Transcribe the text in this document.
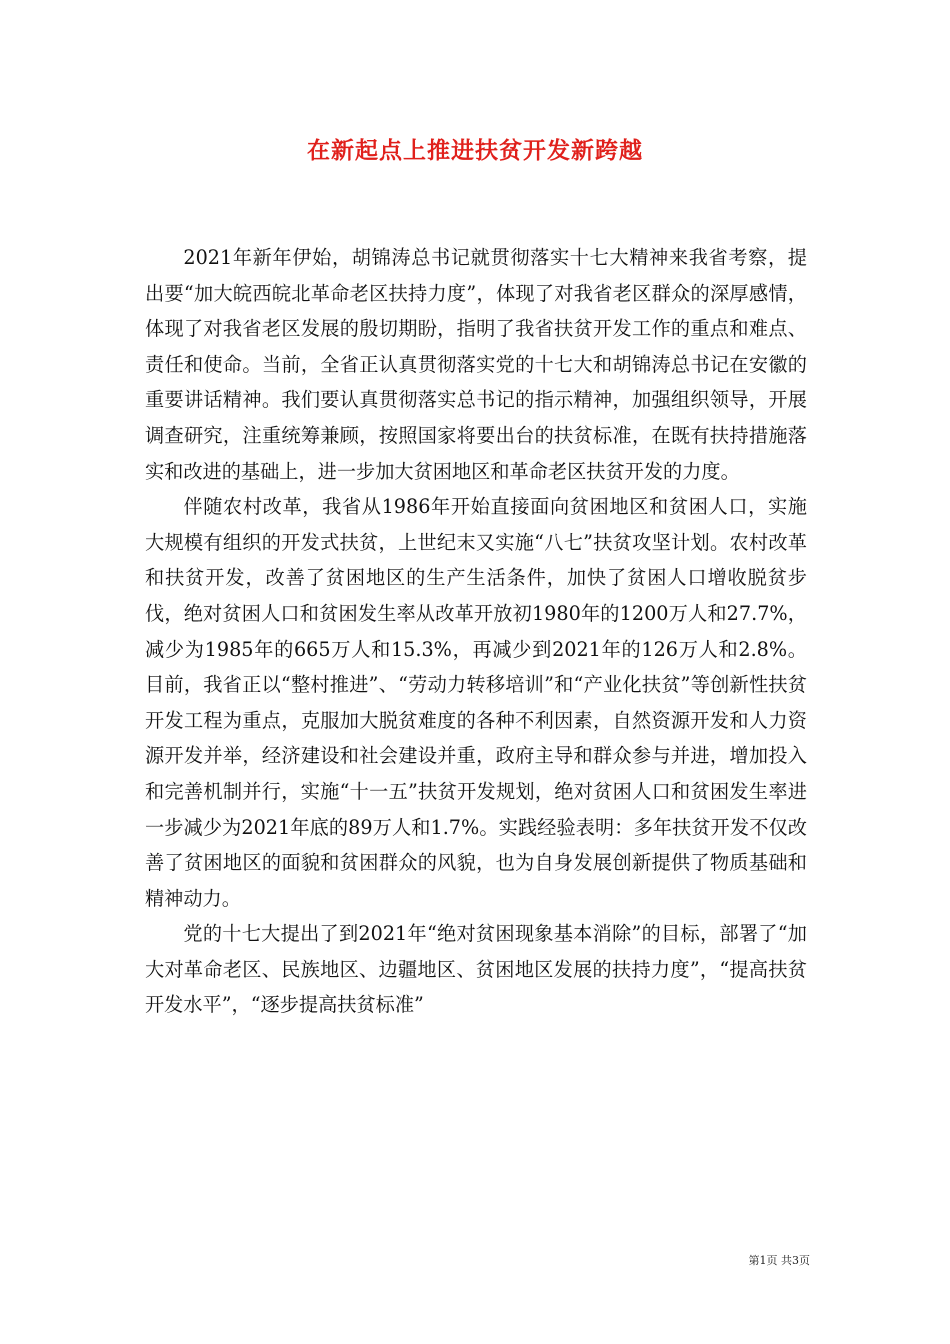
在新起点上推进扶贫开发新跨越

2021年新年伊始，胡锦涛总书记就贯彻落实十七大精神来我省考察，提出要“加大皖西皖北革命老区扶持力度”，体现了对我省老区群众的深厚感情，体现了对我省老区发展的殷切期盼，指明了我省扶贫开发工作的重点和难点、责任和使命。当前，全省正认真贯彻落实党的十七大和胡锦涛总书记在安徽的重要讲话精神。我们要认真贯彻落实总书记的指示精神，加强组织领导，开展调查研究，注重统筹兼顾，按照国家将要出台的扶贫标准，在既有扶持措施落实和改进的基础上，进一步加大贫困地区和革命老区扶贫开发的力度。

伴随农村改革，我省从1986年开始直接面向贫困地区和贫困人口，实施大规模有组织的开发式扶贫，上世纪末又实施“八七”扶贫攻坚计划。农村改革和扶贫开发，改善了贫困地区的生产生活条件，加快了贫困人口增收脱贫步伐，绝对贫困人口和贫困发生率从改革开放初1980年的1200万人和27.7%，减少为1985年的665万人和15.3%，再减少到2021年的126万人和2.8%。目前，我省正以“整村推进”、“劳动力转移培训”和“产业化扶贫”等创新性扶贫开发工程为重点，克服加大脱贫难度的各种不利因素，自然资源开发和人力资源开发并举，经济建设和社会建设并重，政府主导和群众参与并进，增加投入和完善机制并行，实施“十一五”扶贫开发规划，绝对贫困人口和贫困发生率进一步减少为2021年底的89万人和1.7%。实践经验表明：多年扶贫开发不仅改善了贫困地区的面貌和贫困群众的风貌，也为自身发展创新提供了物质基础和精神动力。

党的十七大提出了到2021年“绝对贫困现象基本消除”的目标，部署了“加大对革命老区、民族地区、边疆地区、贫困地区发展的扶持力度”，“提高扶贫开发水平”，“逐步提高扶贫标准”

第1页 共3页
